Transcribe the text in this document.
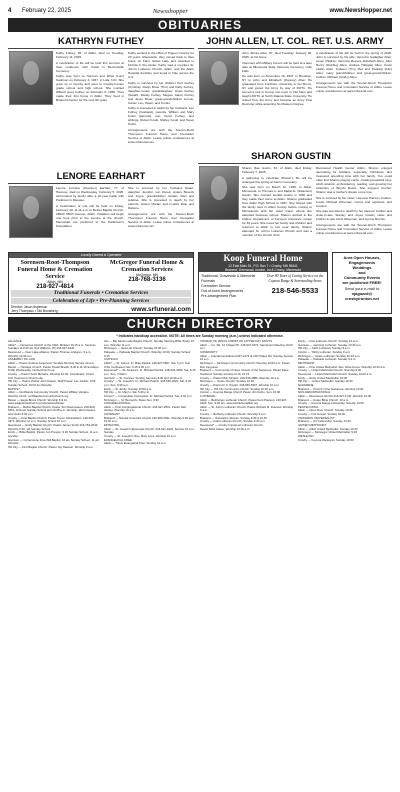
4 February 22, 2025	Newsshopper	www.NewsHopper.net
OBITUARIES
KATHRYN FUTHEY

Kathy Futhey, 86, of Aitkin, died on Tuesday, February 11, 2025.

A celebration of life will be held this summer at their residence with burial in Bennettville Cemetery.

Kathy was born to Herman and Ethel (Lotz) Kaufman on February 4, 1937, in Lida, N.D. She grew up in Crosby and went to Crosby-Ironton grade school and high school. She married Willard (Lee) Futhey on February 6, 1955. They made their first home in Aitkin. They lived in Brainerd-Center for the next 60 years.

Kathy worked in the office of Pigeon Country for 20 years. Afterwards, they moved back to their home on Farm Island Lake and travelled to Florida in the winter. Kathy was a member St. John's Lutheran Church, Aitkin, and the Aitkin Hospital Auxiliary and loved to hike across the U.S.

Kathy is survived by her children Kurt Futhey (Cynthia), Robin Bruer (Tim) and Patty Futhey; daughter-in-law; granddaughter; Ryan Futhey (Sarah), Randy Futhey, Megan, Aaron Futhey and Jesse Bruer; great-grandchildren Lennie, Carter, Leo, Owen, and Corbin.

Kathy is preceded in death by her husband, Lee Futhey (husband), parents, William and Mary Koski (parents); son; Kevin Futhey; and siblings: Robert Koski, Shirley Koski, and Steve Koski.

Arrangements are with the Srenen-Roch Thompson Funeral Home and Cremation Service of Aitkin. Leave online condolences at www.srfuneral.com.

JOHN ALLEN, LT. COL. RET. U.S. ARMY

John James Allen, 87, died Tuesday, January 28, 2025, at his home.

Interment with Military honors will be held at a later date at Minnesota State Veterans Cemetery, Little Falls.

He was born on November 16, 1937, in Brooklyn, NY to John and Elizabeth (Rooney) Allen. He graduated from Fordham University in the Bronx, NY and joined the Army by way of ROTC. He served a tour in Korea, two tours in Viet Nam and taught ROTC at North Dakota State University. He retired from the Army and became an Army Post Recruiter while acquiring his Masters Degree.

A celebration of life will be held in the spring of 2025. John is survived by his wife, Veronica Gallagher Allen; seven children: Veronica Reeves, Elizabeth Allen, John Henry (Debbie) Allen, Andrew (Wanda) Allen, Kevin (Julie) Allen, Colleen (Tim) Piel and Padraig (Kim) Allen; many grandchildren and great-grandchildren; brother, Michael (Cindy) Allen.

Arrangements are with the Srenen-Roch Thompson Funeral Home and Cremation Service of Aitkin. Leave online condolences at www.srfuneral.com.

LENORE EARHART

Lenore Lorraine (Pearson) Earhart, 77, of Hanover, died on Wednesday, February 5, 2025, surrounded by family after a 16-year battle with Parkinson's Disease.

A Celebration of Life will be held on Friday, February 28, at 11 a.m. in Bethel Baptist Church, 28043 360th Avenue, Aitkin. Visitation will begin one hour prior to the service at the church. Memorials are preferred to the Parkinson's Foundation.

She is survived by her husband Stuart, daughter Jennifer, son Derek, sisters Beverly and Joyce, grandchildren Jordan, Alan and Adeline. She is preceded in death by her parents, sisters Marian and in-laws Dale and Darlene.

Arrangements are with the Srenen-Roch Thompson Funeral Home and Cremation Service of Aitkin. Leave online condolences at www.srfuneral.com.

SHARON GUSTIN

Sharon Rae Gustin, 81, of Aitkin, died Friday, February 7, 2025.

A gathering to celebrate Sharon's life will be arranged this spring at Samm Cemetery.

She was born on March 11, 1939, in Aitkin, Minnesota, to Thomas A. and Mabel E. (Swanson) Gustin. She married Gerald Gustin in 1960 and they made their home at Aitkin. Sharon graduated from Aitkin High School in 1957. She helped with the family farm in Aitkin County before moving to Minneapolis with her sister Carol, where she attended business school. Sharon worked in the Claims Department of Farmers Insurance Group for 30 years. She loved her family and children and returned to Aitkin to live near family. Sharon attended St. John's Lutheran Church and was a member of the church choir.

Riverwood Health Center Aitkin. Sharon enjoyed decorating for holidays, especially Christmas, and treasured spending time with her family. You could often find Sharon playing cards, creating beautiful long-stitch artwork, embroidering, reading, and growing her collection of Boyd's Bears. She enjoyed crochet. Sharon was a mother's dream come true.

She is survived by her sister, Lavonne Pierson, brother-in-law, Michael Wineman, nieces and nephews, and cousins.

She was preceded in death by her parents; brother and sister-in-law, Stanley and Joyce Gustin; sister and brother-in-law Carol Wineman, and Ayume Rennie.

Arrangements are with the Srenen-Roch Thompson Funeral Home and Cremation Service of Aitkin. Leave online condolences at www.srfuneral.com.

Locally Owned & Operated
Sorensen-Root-Thompson Funeral Home & Cremation Service
Aitkin, MN
218-927-4814
McGregor Funeral Home & Cremation Services
McGregor, MN
218-768-3136
Traditional Funerals • Cremation Services
Celebration of Life • Pre-Planning Services
Director: Jason Aspenson
Jerry Thompson • Tad Brunsberg	www.srfuneral.com
Koop Funeral Home
12 East Main St., P.O. Box 7 • Crosby, MN 56441
Brainerd, Deerwood, Ironton, Ira & Crosby, Minnesota
Traditional, Graveside & Memorial Funerals
Cremation Service
Out-of-town Arrangements
Pre-arrangement Plan
Over 80 Years of Caring Service on the Cuyuna Range & Surrounding Areas
218-546-5533
Area Open Houses,
Engagements
Weddings
and
Community Events
are published FREE!
Send your e-mail to
njaguard@
crosbyironton.net
CHURCH DIRECTORY
* Indicates handicap accessible. NOTE: All times are Sunday morning (a.m.) unless indicated otherwise.
ALLIANCE
Aitkin* — NorseCoe Church of the CMA, Minister 16:15 a.m. Services Sundays at 9:30 am Carl Williams. Ph 218-927-6442.
Deerwood — Deer Lake Alliance: Pastor Thomas Lindgren. 9 a.m. Worship 10:30 a.m.
ASSEMBLY OF GOD
Aitkin — Pastor Andrew Jorgenson; Sunday Morning Service 10 a.m.
Baxter — Heritage Church: Pastor Hewitt Brandt. 8:30 & 11:30 Sundays. 6:30p Wednesday. lumberchurch.org
Crosby — Pastor Scott McCabe, Worship 10:30. Coordinator: Cherri Koll. Peterson's Church site.
Hill City — Harms Pastor John Kippen, Staff Pastor: Lee Jordan; 9:00 Sunday School. 10:00 am Worship
BAPTIST
Aitkin — Northlands Community Church: Pastor William Vetrano. Worship 10:00. northlandscommunitychurch.org
Baxter — Eagle Brook Church: Worship 9 & 11. www.eaglebrookchurch.com/locations/baxter
Brainerd — Bethel Baptist Church: Pastor Tom Rasmussen. 218-829-5261. 9:30 am Sunday School and 10:45 a.m. Worship. Wed Classes and Clubs 6:30 p.m.
Crosby — First Baptist Church: Pastor Trevor Schiefelbein. 218-546-4371. Worship 11 a.m. Sunday School 10 a.m.
Deerwood — Emily Baptist Church: Pastor James Smith 218-763-2042. Worship 9:30, 1/4 Sunday School
Emily — Bible Baptist: Pastor Jon Preston. 9:30 Sunday School, 11 a.m. worship
Garrison — Cornerstone Free Will Baptist, 10 am Sunday School, 11 am Worship
Hill City — First Baptist Church: Pastor Jay Dawson. Worship 9 a.m.
Isle — Big Sandy Lake Baptist Church: Sunday Morning Bible Study, 10 a.m. Worship 11 a.m.
McGregor — New Life Church: Sunday 10:30 a.m.
Palisade — Palisade Baptist Church: Worship 10:30; Sunday School 9:15.
CATHOLIC
Aitkin* — St. James: Fr. Mike Patrick, 218-927-6867. Sat. 5 pm; Sun. 9:30, Confession Sat. 3:15-3:45 p.m.
Deerwood* — St. Andrew's: Fr. Michael Patrick, 218-534-3366. Sat. 5:15 p.m. Sun. 7:00am
Garrison — St. Frances: Sunday Services 8:30 and 10:30 a.m.
Crosby* — St. Joseph's: Fr. Michael Patrick. 218-546-2620. Sat. 5:30 p.m. Sun. 9:30 a.m.
Emily — St. Emily: Sunday 10:00 a.m.
Hill City — St. Mary's: Sat. 5:30 p.m.
Ironton* — Immaculate Conception: Fr. Michael Patrick. Sat. 4:00 p.m.
McGregor — St. Bernard's: Mass Sun. 8:30
CONGREGATIONAL
Aitkin — First Congregational Church: 218-927-2561. Pastor Deb Ascher. Worship 10 a.m.
COVENANT
Brainerd — Nisswa Covenant Church 218-963-2521. Worship 9:00 and 10:30 a.m.
EPISCOPAL
Aitkin — St. Joseph's Episcopal Church: 218-927-9122. Service 10 a.m. Sunday.
Crosby — St. Joseph's: Rev. Mary Loes, Worship 10 a.m.
EVANGELICAL FREE
Aitkin — Trinity Evangelical Free: Sunday 10 a.m.
CHURCH OF JESUS CHRIST OF LATTER DAY SAINTS
Aitkin — Co. Rd. 12 Chapel Ph. 218-927-6474. Sacrament Meeting 10:00 a.m.
COMMUNITY
Aitkin — Interdenominational 927-2174 at 218 Hollow Rd. Sunday Service 10 a.m.
McGregor — McGregor Community Church: Worship 10:00 a.m. Pastor Ron Ferguson.
Brainerd — Community of Hope Church of the Nazarene: Pastor Dave Nordlund; Sunday worship at 10, 10:15
Crosby — Pastor Rich Strykes: 218-546-3886. Worship 10 a.m.
McGregor — Grace Church: Sunday 10:30
Crosby — Pastor R. F. Snyder. 218-546-5967. Worship 10 a.m.
Hill City — Hill City Community Church: Sunday 10:00 a.m.
Ironton — Cuyuna Range Church Pastor Jim Karhu. Sun. 10:30
LUTHERAN
Aitkin — Bethlehem Lutheran Church, Pastor Kent Paulson, 218-927-3106. Sun. 9:30 am. www.bethlehemaitkin.org
Aitkin — St. John's Lutheran Church: Pastor Richard M. Duenow, Worship 9 a.m.
Crosby — Bethany Lutheran Church, Worship 9 a.m.
Brainerd — Nazareth Lutheran. Sunday 8:30 & 10:45
Crosby — Faith Lutheran Church: Sunday 9:30 a.m.
Deerwood* — Crosby Immanuel Lutheran Church.
Pastor Mark Kaiser, Worship 10:00 a.m.
Emily — First Lutheran Church: Sunday 10 a.m.
Garrison — Garrison Lutheran: Sunday 10:30 a.m.
Hill City — Faith Lutheran: Sunday 9 a.m.
Ironton — Trinity Lutheran: Sunday 9 a.m.
McGregor — Grace Lutheran: Sunday 10:30 a.m.
Palisade — Palisade Lutheran: Sunday 9 a.m.
METHODIST
Aitkin — First United Methodist: Rev. Nina Koops. Worship 10:30 a.m.
Crosby — United Methodist Church: Worship 9:30
Deerwood — United Methodist Church: Sunday 10:00 a.m.
Emily — Emily United Methodist: 10:30
Hill City — United Methodist: Sunday 10:30
NAZARENE
Brainerd — Church of the Nazarene: Worship 10:30
NON-DENOMINATIONAL
Aitkin — Riverwood Church 218-927-1700. Worship 10:00
Brainerd — Grace Bible Church: 10 a.m.
Crosby — Cuyuna Range Fellowship: Sunday 10:00
PENTECOSTAL
Aitkin — Open Door Church: Sunday 10:30
Crosby — Full Gospel: Sunday 10:00
UNITARIAN UNIVERSALIST
Brainerd — UU Fellowship: Sunday 10:30
UNITED METHODIST
Aitkin — Aitkin United Methodist: Sunday 10:30
McGregor — McGregor United Methodist: 9:30
WESLEYAN
Crosby — Cuyuna Wesleyan: Sunday 10:00
